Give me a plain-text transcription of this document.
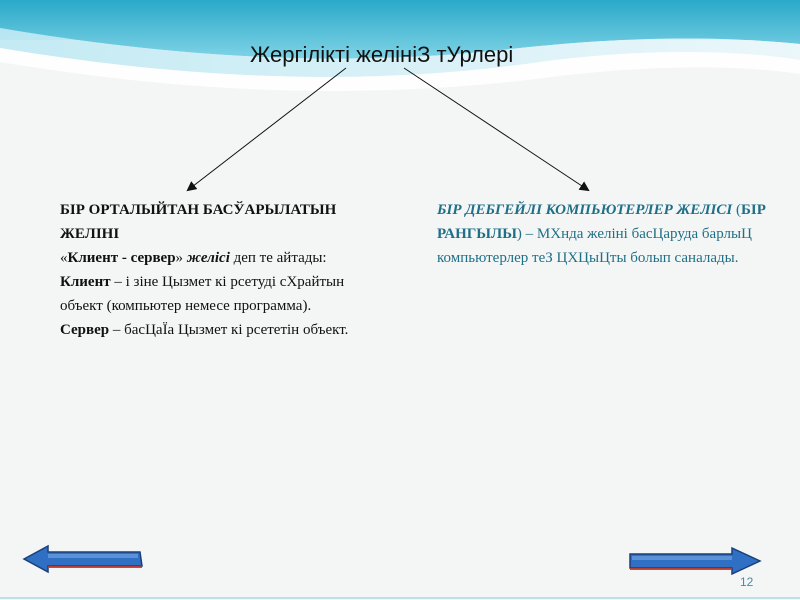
Жергілікті желініЗ тУрлері

БІР ОРТАЛЫЙТАН БАСЎАРЫЛАТЫН ЖЕЛІНІ

«Клиент - сервер» желісі деп те айтады:

Клиент – і зіне Цызмет кі рсетуді сХрайтын объект (компьютер немесе программа).

Сервер – басЦаЇа Цызмет кі рсететін объект.

БІР ДЕБГЕЙЛІ КОМПЬЮТЕРЛЕР ЖЕЛІСІ (БІР РАНГЫЛЫ) – МХнда желіні басЦаруда барлыЦ компьютерлер теЗ ЦХЦыЦты болып саналады.

12
